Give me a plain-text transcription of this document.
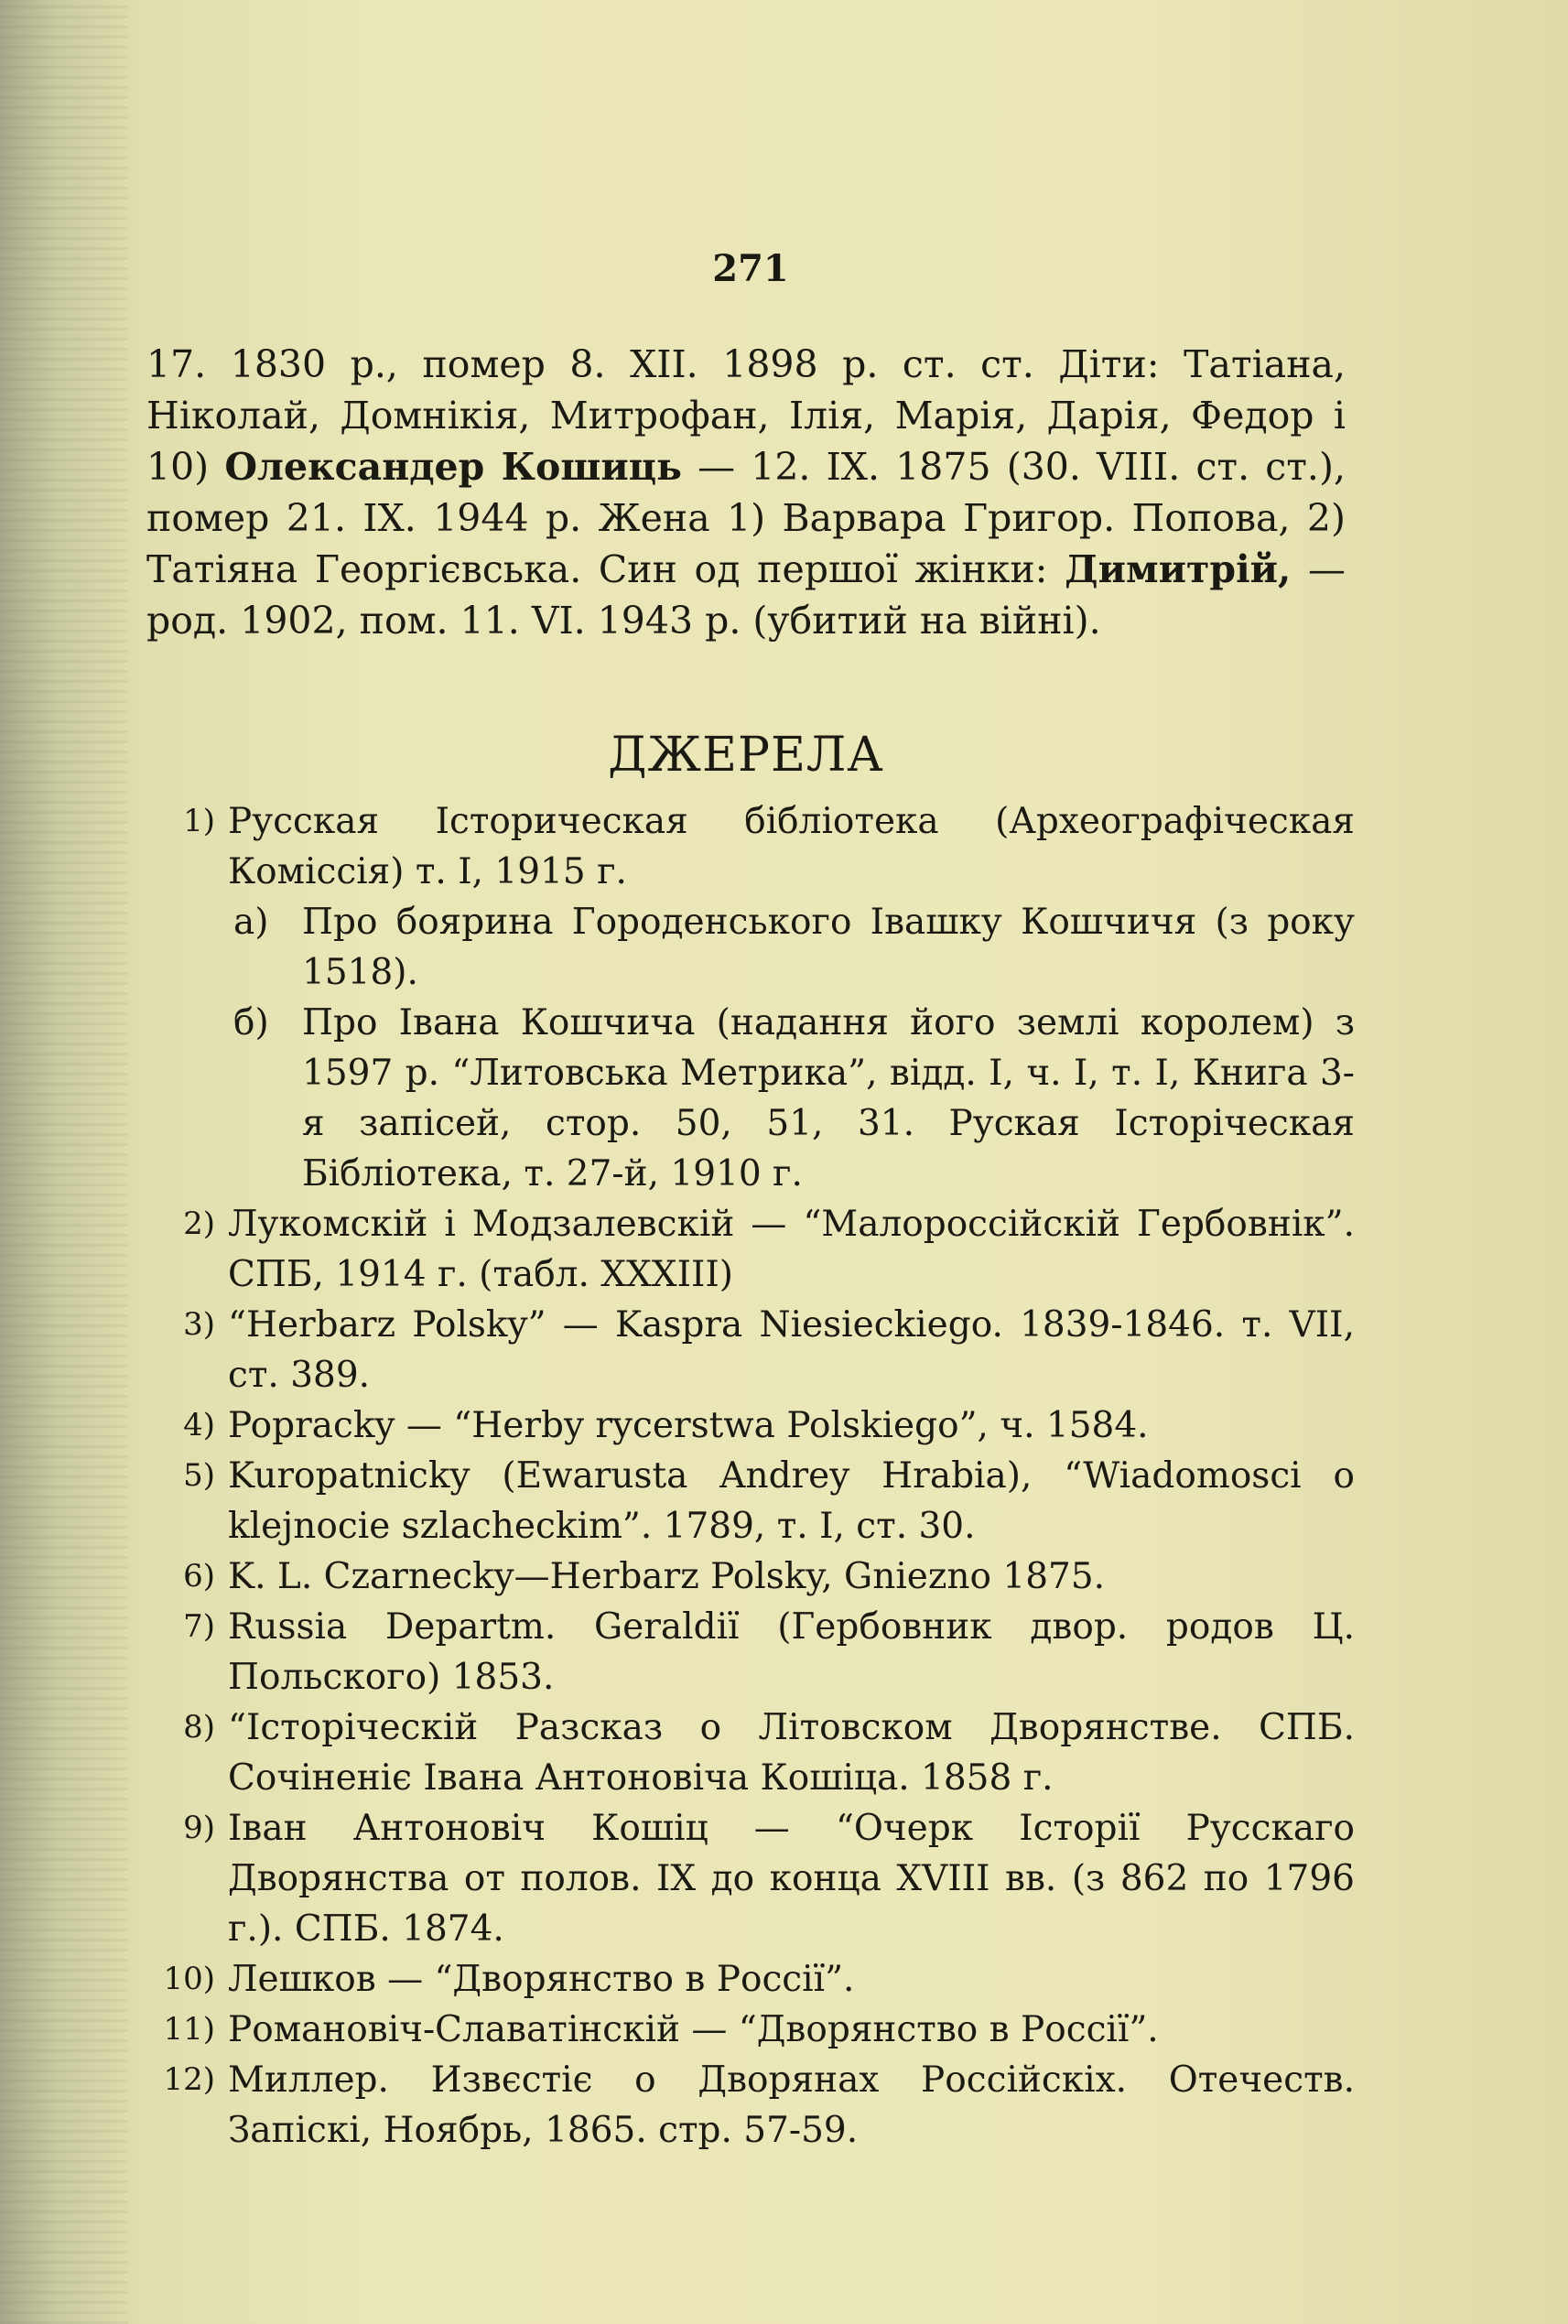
271
17. 1830 р., помер 8. XII. 1898 р. ст. ст. Діти: Татіана, Ніколай, Домнікія, Митрофан, Ілія, Марія, Дарія, Федор і 10) Олександер Кошиць — 12. IX. 1875 (30. VIII. ст. ст.), помер 21. IX. 1944 р. Жена 1) Варвара Григор. Попова, 2) Татіяна Георгієвська. Син од першої жінки: Димитрій, — род. 1902, пом. 11. VI. 1943 р. (убитий на війні).
ДЖЕРЕЛА
1) Русская Історическая бібліотека (Археографіческая Коміссія) т. I, 1915 г.
а) Про боярина Городенського Івашку Кошчичя (з року 1518).
б) Про Івана Кошчича (надання його землі королем) з 1597 р. “Литовська Метрика”, відд. I, ч. I, т. I, Книга 3-я запісей, стор. 50, 51, 31. Руская Історіческая Бібліотека, т. 27-й, 1910 г.
2) Лукомскій і Модзалевскій — “Малороссійскій Гербовнік”. СПБ, 1914 г. (табл. XXXIII)
3) “Herbarz Polsky” — Kaspra Niesieckiego. 1839-1846. т. VII, ст. 389.
4) Popracky — “Herby rycerstwa Polskiego”, ч. 1584.
5) Kuropatnicky (Ewarusta Andrey Hrabia), “Wiadomosci o klejnocie szlacheckim”. 1789, т. I, ст. 30.
6) K. L. Czarnecky—Herbarz Polsky, Gniezno 1875.
7) Russia Departm. Geraldiї (Гербовник двор. родов Ц. Польского) 1853.
8) “Історіческій Разсказ о Літовском Дворянстве. СПБ. Сочіненіє Івана Антоновіча Кошіца. 1858 г.
9) Іван Антоновіч Кошіц — “Очерк Історії Русскаго Дворянства от полов. IX до конца XVIII вв. (з 862 по 1796 г.). СПБ. 1874.
10) Лешков — “Дворянство в Россії”.
11) Романовіч-Славатінскій — “Дворянство в Россії”.
12) Миллер. Извєстіє о Дворянах Россійскіх. Отечеств. Запіскі, Ноябрь, 1865. стр. 57-59.
